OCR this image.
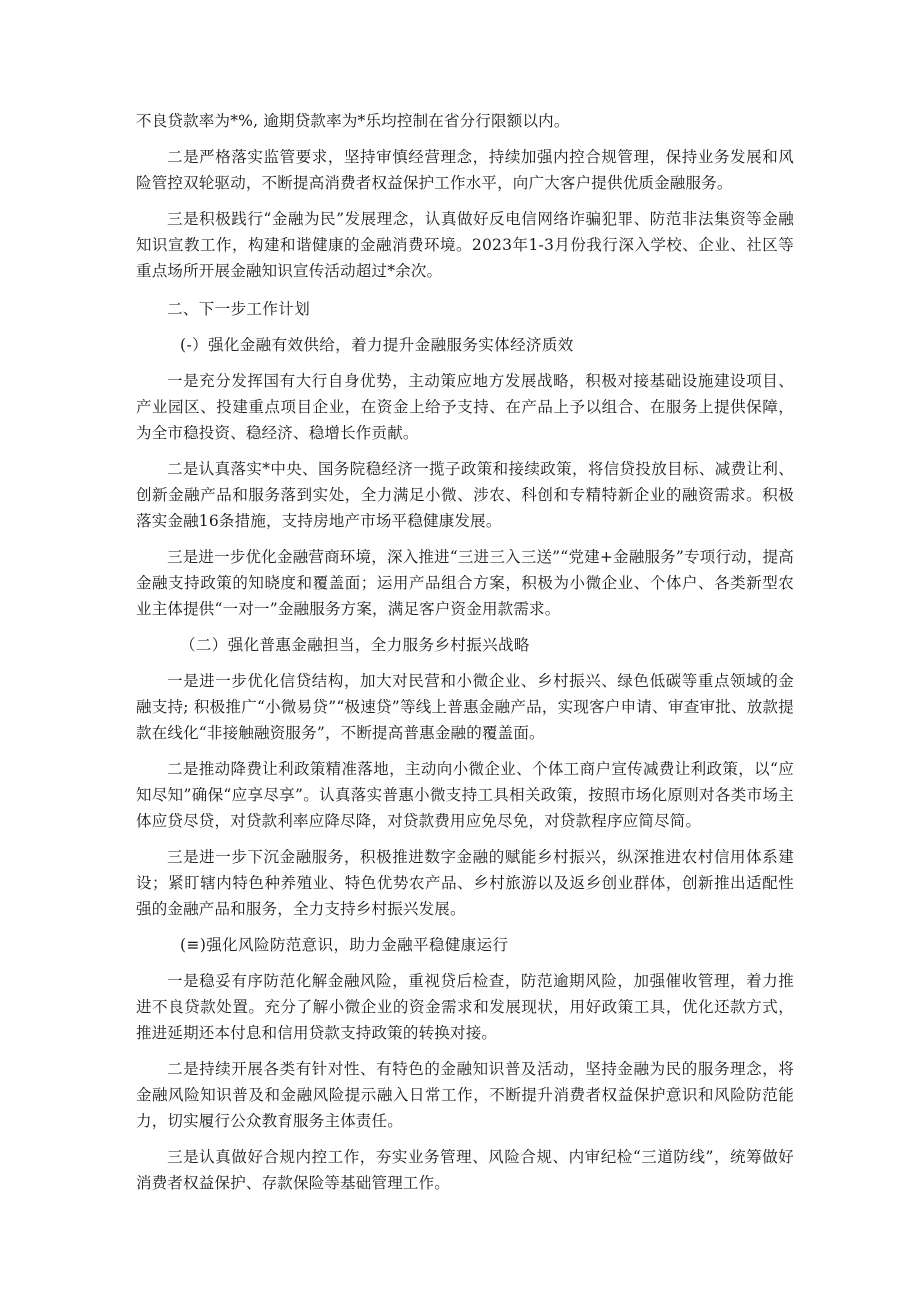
不良贷款率为*%, 逾期贷款率为*乐均控制在省分行限额以内。

二是严格落实监管要求，坚持审慎经营理念，持续加强内控合规管理，保持业务发展和风险管控双轮驱动，不断提高消费者权益保护工作水平，向广大客户提供优质金融服务。

三是积极践行“金融为民”发展理念，认真做好反电信网络诈骗犯罪、防范非法集资等金融知识宣教工作，构建和谐健康的金融消费环境。2023年1-3月份我行深入学校、企业、社区等重点场所开展金融知识宣传活动超过*余次。

二、下一步工作计划

(-）强化金融有效供给，着力提升金融服务实体经济质效

一是充分发挥国有大行自身优势，主动策应地方发展战略，积极对接基础设施建设项目、产业园区、投建重点项目企业，在资金上给予支持、在产品上予以组合、在服务上提供保障，为全市稳投资、稳经济、稳增长作贡献。

二是认真落实*中央、国务院稳经济一揽子政策和接续政策，将信贷投放目标、减费让利、创新金融产品和服务落到实处，全力满足小微、涉农、科创和专精特新企业的融资需求。积极落实金融16条措施，支持房地产市场平稳健康发展。

三是进一步优化金融营商环境，深入推进“三进三入三送”“党建+金融服务”专项行动，提高金融支持政策的知晓度和覆盖面；运用产品组合方案，积极为小微企业、个体户、各类新型农业主体提供“一对一”金融服务方案，满足客户资金用款需求。

（二）强化普惠金融担当，全力服务乡村振兴战略

一是进一步优化信贷结构，加大对民营和小微企业、乡村振兴、绿色低碳等重点领域的金融支持; 积极推广“小微易贷”“极速贷”等线上普惠金融产品，实现客户申请、审查审批、放款提款在线化“非接触融资服务”，不断提高普惠金融的覆盖面。

二是推动降费让利政策精准落地，主动向小微企业、个体工商户宣传减费让利政策，以“应知尽知”确保“应享尽享”。认真落实普惠小微支持工具相关政策，按照市场化原则对各类市场主体应贷尽贷，对贷款利率应降尽降，对贷款费用应免尽免，对贷款程序应简尽简。

三是进一步下沉金融服务，积极推进数字金融的赋能乡村振兴，纵深推进农村信用体系建设；紧盯辖内特色种养殖业、特色优势农产品、乡村旅游以及返乡创业群体，创新推出适配性强的金融产品和服务，全力支持乡村振兴发展。

(≡)强化风险防范意识，助力金融平稳健康运行

一是稳妥有序防范化解金融风险，重视贷后检查，防范逾期风险，加强催收管理，着力推进不良贷款处置。充分了解小微企业的资金需求和发展现状，用好政策工具，优化还款方式，推进延期还本付息和信用贷款支持政策的转换对接。

二是持续开展各类有针对性、有特色的金融知识普及活动，坚持金融为民的服务理念，将金融风险知识普及和金融风险提示融入日常工作，不断提升消费者权益保护意识和风险防范能力，切实履行公众教育服务主体责任。

三是认真做好合规内控工作，夯实业务管理、风险合规、内审纪检“三道防线”，统筹做好消费者权益保护、存款保险等基础管理工作。
